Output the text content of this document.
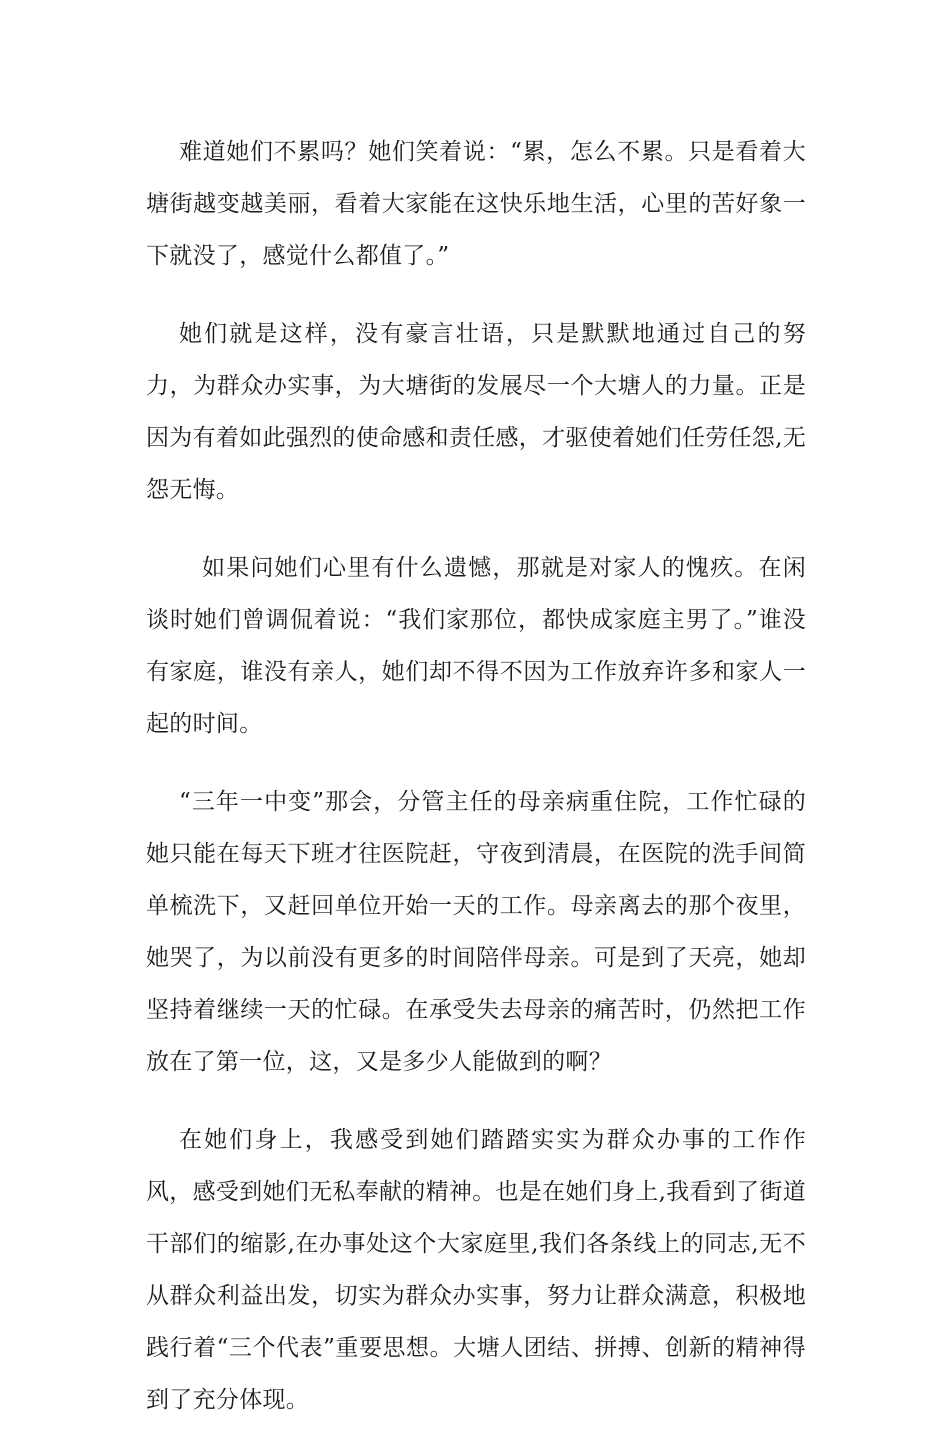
难道她们不累吗？她们笑着说：“累，怎么不累。只是看着大塘街越变越美丽，看着大家能在这快乐地生活，心里的苦好象一下就没了，感觉什么都值了。”

她们就是这样，没有豪言壮语，只是默默地通过自己的努力，为群众办实事，为大塘街的发展尽一个大塘人的力量。正是因为有着如此强烈的使命感和责任感，才驱使着她们任劳任怨,无怨无悔。

如果问她们心里有什么遗憾，那就是对家人的愧疚。在闲谈时她们曾调侃着说：“我们家那位，都快成家庭主男了。”谁没有家庭，谁没有亲人，她们却不得不因为工作放弃许多和家人一起的时间。

“三年一中变”那会，分管主任的母亲病重住院，工作忙碌的她只能在每天下班才往医院赶，守夜到清晨，在医院的洗手间简单梳洗下，又赶回单位开始一天的工作。母亲离去的那个夜里，她哭了，为以前没有更多的时间陪伴母亲。可是到了天亮，她却坚持着继续一天的忙碌。在承受失去母亲的痛苦时，仍然把工作放在了第一位，这，又是多少人能做到的啊？

在她们身上，我感受到她们踏踏实实为群众办事的工作作风，感受到她们无私奉献的精神。也是在她们身上,我看到了街道干部们的缩影,在办事处这个大家庭里,我们各条线上的同志,无不从群众利益出发，切实为群众办实事，努力让群众满意，积极地践行着“三个代表”重要思想。大塘人团结、拼搏、创新的精神得到了充分体现。
